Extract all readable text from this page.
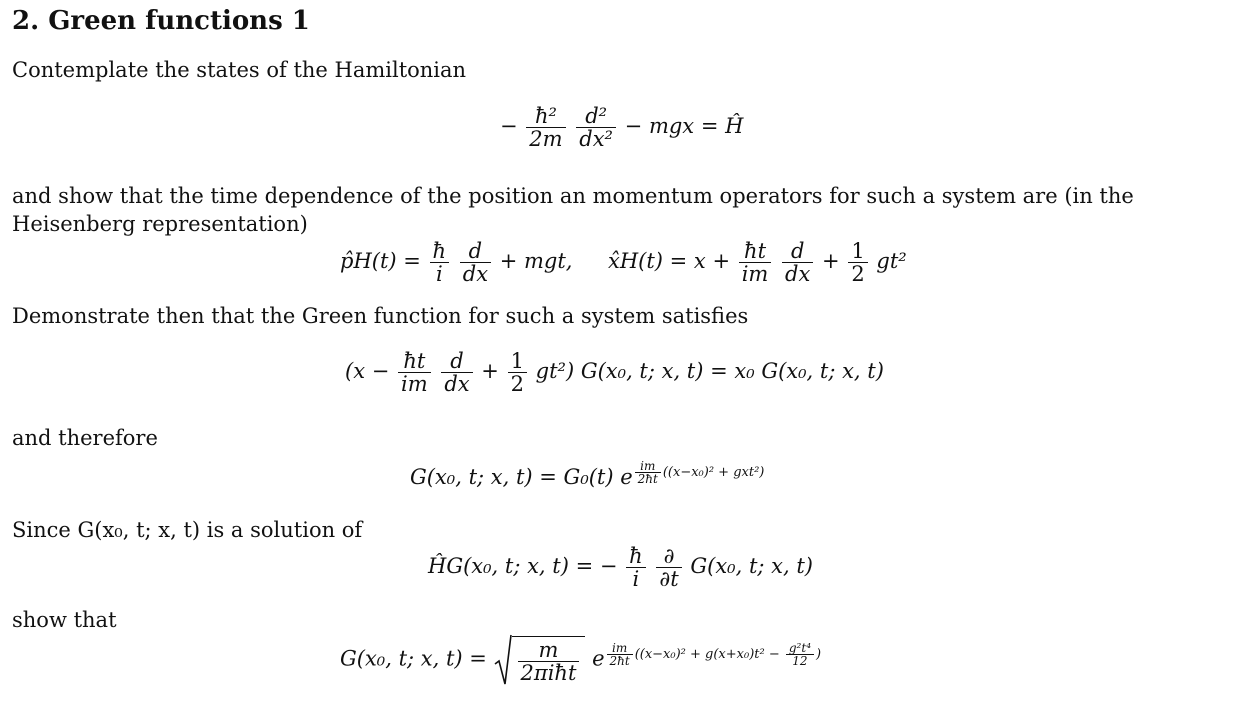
2. Green functions 1
Contemplate the states of the Hamiltonian
− $\frac{\text{ħ²}}{2m}$
$\frac{\text{d²}}{\text{dx²}}$ − mgx = Ĥ
and show that the time dependence of the position an momentum operators for such a system are (in the Heisenberg representation)
p̂H(t) = $\frac{ħ}{i}$
$\frac{d}{dx}$ + mgt, x̂H(t) = $x + \frac{ħt}{im}$
$\frac{d}{dx} + \frac{1}{2} gt^2$
Demonstrate then that the Green function for such a system satisfies
($x - \frac{ħt}{im}$
$\frac{d}{dx} + \frac{1}{2} gt^2$) G(x₀, t; x, t) = x₀ G(x₀, t; x, t)
and therefore
G(x₀, t; x, t) = G₀(t) e $\frac{im}{2ħt} ((x-x_0)^2 + gxt^2)$
Since G(x₀, t; x, t) is a solution of
ĤG(x₀, t; x, t) = − $\frac{ħ}{i}$
$\frac{\partial}{\partial t} G(x_0$, t; x, t)
show that
G(x₀, t; x, $t) = \frac{m}{\text{2πiħt}}$ e $\frac{im}{2ħt} ((x-x_0)^2 + g(x+x_0)t^2 - \frac{\text{g²t⁴}}{12}$ )
